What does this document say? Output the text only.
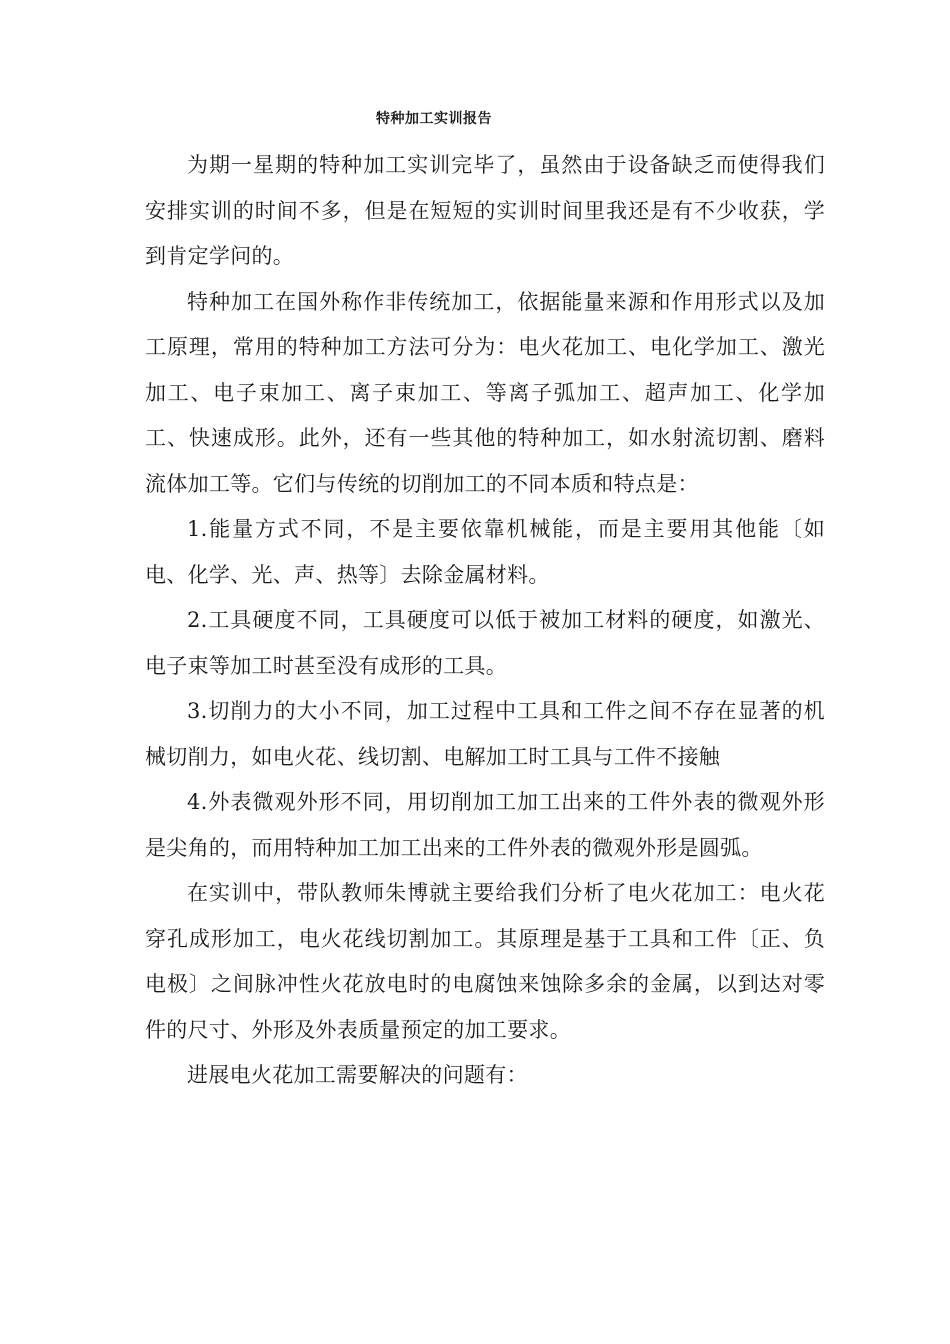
特种加工实训报告

为期一星期的特种加工实训完毕了，虽然由于设备缺乏而使得我们安排实训的时间不多，但是在短短的实训时间里我还是有不少收获，学到肯定学问的。

特种加工在国外称作非传统加工，依据能量来源和作用形式以及加工原理，常用的特种加工方法可分为：电火花加工、电化学加工、激光加工、电子束加工、离子束加工、等离子弧加工、超声加工、化学加工、快速成形。此外，还有一些其他的特种加工，如水射流切割、磨料流体加工等。它们与传统的切削加工的不同本质和特点是：

1.能量方式不同，不是主要依靠机械能，而是主要用其他能〔如电、化学、光、声、热等〕去除金属材料。

2.工具硬度不同，工具硬度可以低于被加工材料的硬度，如激光、电子束等加工时甚至没有成形的工具。

3.切削力的大小不同，加工过程中工具和工件之间不存在显著的机械切削力，如电火花、线切割、电解加工时工具与工件不接触

4.外表微观外形不同，用切削加工加工出来的工件外表的微观外形是尖角的，而用特种加工加工出来的工件外表的微观外形是圆弧。

在实训中，带队教师朱博就主要给我们分析了电火花加工：电火花穿孔成形加工，电火花线切割加工。其原理是基于工具和工件〔正、负电极〕之间脉冲性火花放电时的电腐蚀来蚀除多余的金属，以到达对零件的尺寸、外形及外表质量预定的加工要求。

进展电火花加工需要解决的问题有：
